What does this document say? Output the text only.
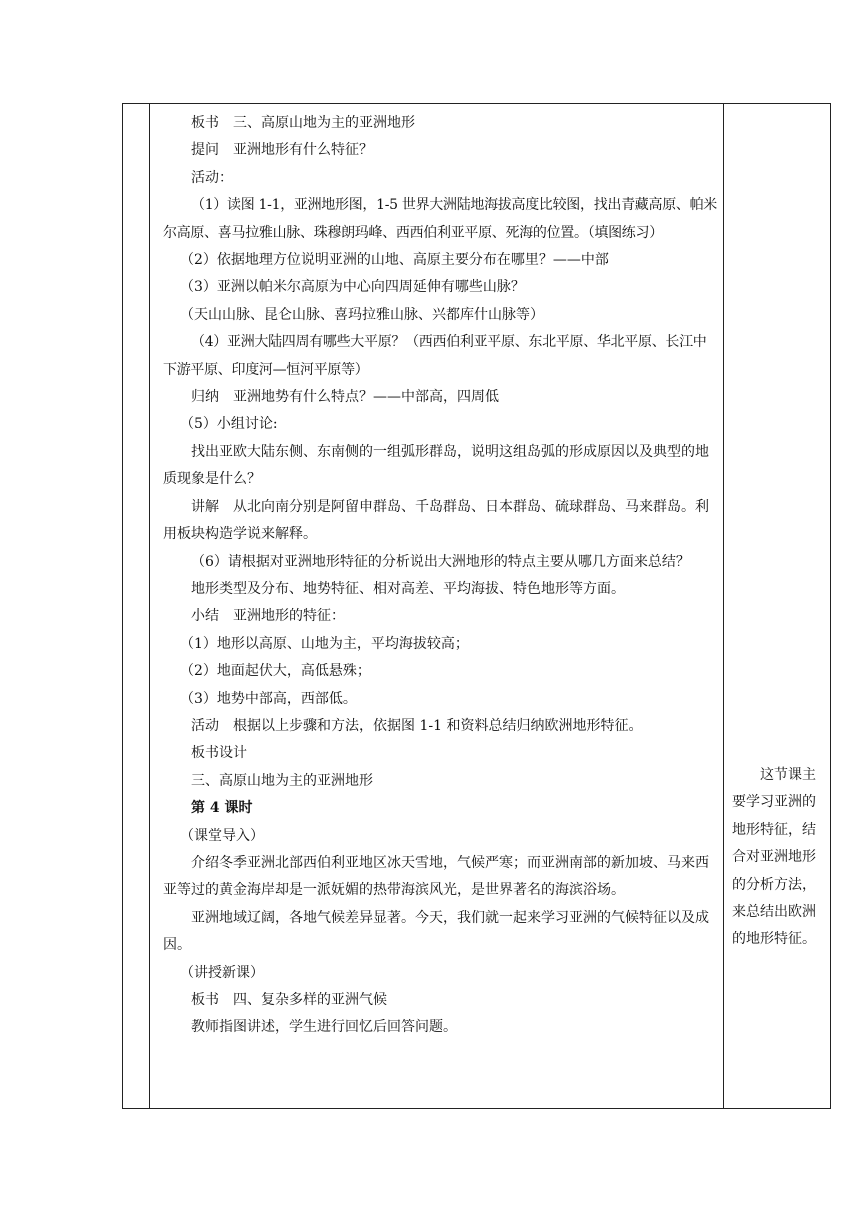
板书　三、高原山地为主的亚洲地形

提问　亚洲地形有什么特征？

活动：

（1）读图 1-1，亚洲地形图，1-5 世界大洲陆地海拔高度比较图，找出青藏高原、帕米尔高原、喜马拉雅山脉、珠穆朗玛峰、西西伯利亚平原、死海的位置。（填图练习）

（2）依据地理方位说明亚洲的山地、高原主要分布在哪里？——中部

（3）亚洲以帕米尔高原为中心向四周延伸有哪些山脉？

（天山山脉、昆仑山脉、喜玛拉雅山脉、兴都库什山脉等）

（4）亚洲大陆四周有哪些大平原？（西西伯利亚平原、东北平原、华北平原、长江中下游平原、印度河—恒河平原等）

归纳　亚洲地势有什么特点？——中部高，四周低

（5）小组讨论:

找出亚欧大陆东侧、东南侧的一组弧形群岛，说明这组岛弧的形成原因以及典型的地质现象是什么？

讲解　从北向南分别是阿留申群岛、千岛群岛、日本群岛、硫球群岛、马来群岛。利用板块构造学说来解释。

（6）请根据对亚洲地形特征的分析说出大洲地形的特点主要从哪几方面来总结？

地形类型及分布、地势特征、相对高差、平均海拔、特色地形等方面。

小结　亚洲地形的特征：

（1）地形以高原、山地为主，平均海拔较高；

（2）地面起伏大，高低悬殊；

（3）地势中部高，西部低。

活动　根据以上步骤和方法，依据图 1-1 和资料总结归纳欧洲地形特征。

板书设计

三、高原山地为主的亚洲地形

第 4 课时

（课堂导入）

介绍冬季亚洲北部西伯利亚地区冰天雪地，气候严寒；而亚洲南部的新加坡、马来西亚等过的黄金海岸却是一派妩媚的热带海滨风光，是世界著名的海滨浴场。

亚洲地域辽阔，各地气候差异显著。今天，我们就一起来学习亚洲的气候特征以及成因。

（讲授新课）

板书　四、复杂多样的亚洲气候

教师指图讲述，学生进行回忆后回答问题。

这节课主要学习亚洲的地形特征，结合对亚洲地形的分析方法，来总结出欧洲的地形特征。
